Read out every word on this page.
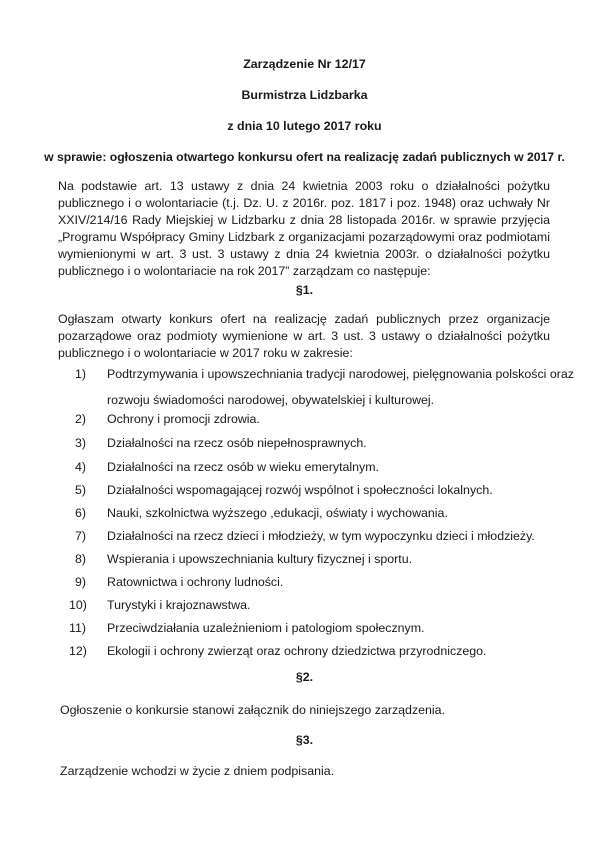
Zarządzenie Nr 12/17
Burmistrza Lidzbarka
z dnia 10 lutego 2017 roku
w sprawie: ogłoszenia otwartego konkursu ofert na realizację zadań publicznych w 2017 r.
Na podstawie art. 13 ustawy z dnia 24 kwietnia 2003 roku o działalności pożytku publicznego i o wolontariacie (t.j. Dz. U. z 2016r. poz. 1817 i poz. 1948) oraz uchwały Nr XXIV/214/16 Rady Miejskiej w Lidzbarku z dnia 28 listopada 2016r. w sprawie przyjęcia „Programu Współpracy Gminy Lidzbark z organizacjami pozarządowymi oraz podmiotami wymienionymi w art. 3 ust. 3 ustawy z dnia 24 kwietnia 2003r. o działalności pożytku publicznego i o wolontariacie na rok 2017” zarządzam co następuje:
§1.
Ogłaszam otwarty konkurs ofert na realizację zadań publicznych przez organizacje pozarządowe oraz podmioty wymienione w art. 3 ust. 3 ustawy o działalności pożytku publicznego i o wolontariacie w 2017 roku w zakresie:
1) Podtrzymywania i upowszechniania tradycji narodowej, pielęgnowania polskości oraz
rozwoju świadomości narodowej, obywatelskiej i kulturowej.
2) Ochrony i promocji zdrowia.
3) Działalności na rzecz osób niepełnosprawnych.
4) Działalności na rzecz osób w wieku emerytalnym.
5) Działalności wspomagającej rozwój wspólnot i społeczności lokalnych.
6) Nauki, szkolnictwa wyższego ,edukacji, oświaty i wychowania.
7) Działalności na rzecz dzieci i młodzieży, w tym wypoczynku dzieci i młodzieży.
8) Wspierania i upowszechniania kultury fizycznej i sportu.
9) Ratownictwa i ochrony ludności.
10) Turystyki i krajoznawstwa.
11) Przeciwdziałania uzależnieniom i patologiom społecznym.
12) Ekologii i ochrony zwierząt oraz ochrony dziedzictwa przyrodniczego.
§2.
Ogłoszenie o konkursie stanowi załącznik do niniejszego zarządzenia.
§3.
Zarządzenie wchodzi w życie z dniem podpisania.
